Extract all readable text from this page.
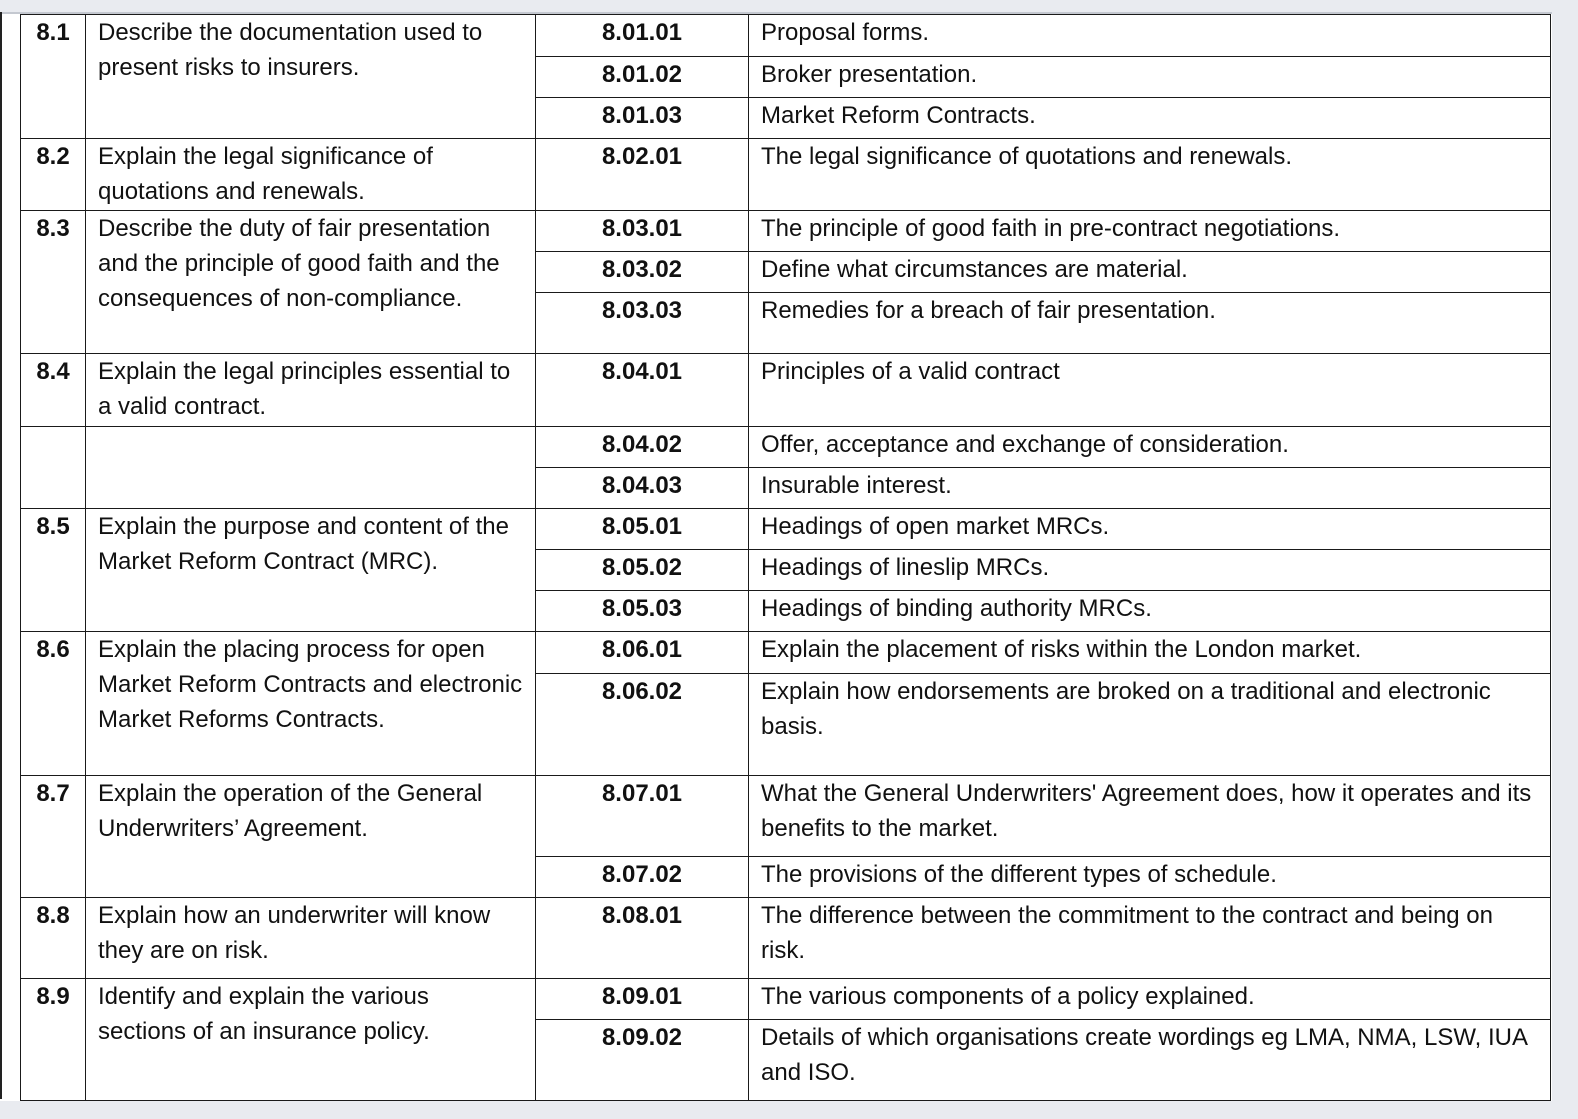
8.1	Describe the documentation used to present risks to insurers.	8.01.01	Proposal forms.
		8.01.02	Broker presentation.
		8.01.03	Market Reform Contracts.
8.2	Explain the legal significance of quotations and renewals.	8.02.01	The legal significance of quotations and renewals.
8.3	Describe the duty of fair presentation and the principle of good faith and the consequences of non-compliance.	8.03.01	The principle of good faith in pre-contract negotiations.
		8.03.02	Define what circumstances are material.
		8.03.03	Remedies for a breach of fair presentation.
8.4	Explain the legal principles essential to a valid contract.	8.04.01	Principles of a valid contract
		8.04.02	Offer, acceptance and exchange of consideration.
		8.04.03	Insurable interest.
8.5	Explain the purpose and content of the Market Reform Contract (MRC).	8.05.01	Headings of open market MRCs.
		8.05.02	Headings of lineslip MRCs.
		8.05.03	Headings of binding authority MRCs.
8.6	Explain the placing process for open Market Reform Contracts and electronic Market Reforms Contracts.	8.06.01	Explain the placement of risks within the London market.
		8.06.02	Explain how endorsements are broked on a traditional and electronic basis.
8.7	Explain the operation of the General Underwriters’ Agreement.	8.07.01	What the General Underwriters' Agreement does, how it operates and its benefits to the market.
		8.07.02	The provisions of the different types of schedule.
8.8	Explain how an underwriter will know they are on risk.	8.08.01	The difference between the commitment to the contract and being on risk.
8.9	Identify and explain the various sections of an insurance policy.	8.09.01	The various components of a policy explained.
		8.09.02	Details of which organisations create wordings eg LMA, NMA, LSW, IUA and ISO.
